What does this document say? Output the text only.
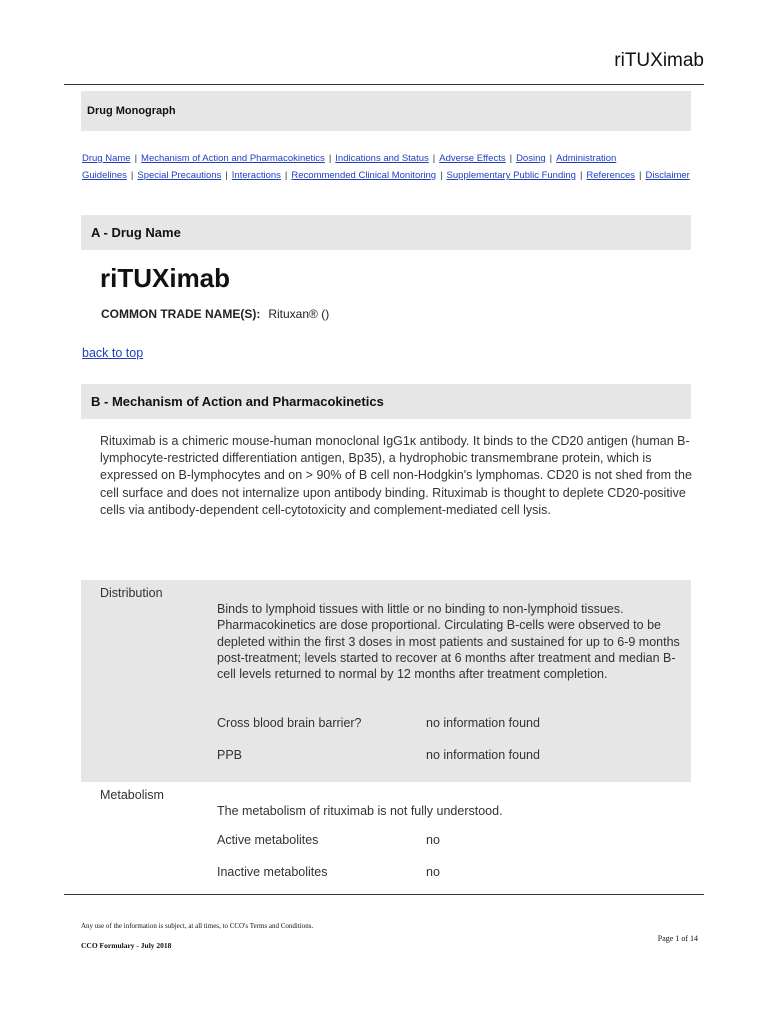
riTUXimab
Drug Monograph
Drug Name | Mechanism of Action and Pharmacokinetics | Indications and Status | Adverse Effects | Dosing | Administration Guidelines | Special Precautions | Interactions | Recommended Clinical Monitoring | Supplementary Public Funding | References | Disclaimer
A - Drug Name
riTUXimab
COMMON TRADE NAME(S): Rituxan® ()
back to top
B - Mechanism of Action and Pharmacokinetics
Rituximab is a chimeric mouse-human monoclonal IgG1κ antibody. It binds to the CD20 antigen (human B-lymphocyte-restricted differentiation antigen, Bp35), a hydrophobic transmembrane protein, which is expressed on B-lymphocytes and on > 90% of B cell non-Hodgkin's lymphomas. CD20 is not shed from the cell surface and does not internalize upon antibody binding. Rituximab is thought to deplete CD20-positive cells via antibody-dependent cell-cytotoxicity and complement-mediated cell lysis.
Distribution
Binds to lymphoid tissues with little or no binding to non-lymphoid tissues. Pharmacokinetics are dose proportional. Circulating B-cells were observed to be depleted within the first 3 doses in most patients and sustained for up to 6-9 months post-treatment; levels started to recover at 6 months after treatment and median B-cell levels returned to normal by 12 months after treatment completion.
Cross blood brain barrier?	no information found
PPB	no information found
Metabolism
The metabolism of rituximab is not fully understood.
Active metabolites	no
Inactive metabolites	no
Any use of the information is subject, at all times, to CCO's Terms and Conditions.
CCO Formulary - July 2018
Page 1 of 14
